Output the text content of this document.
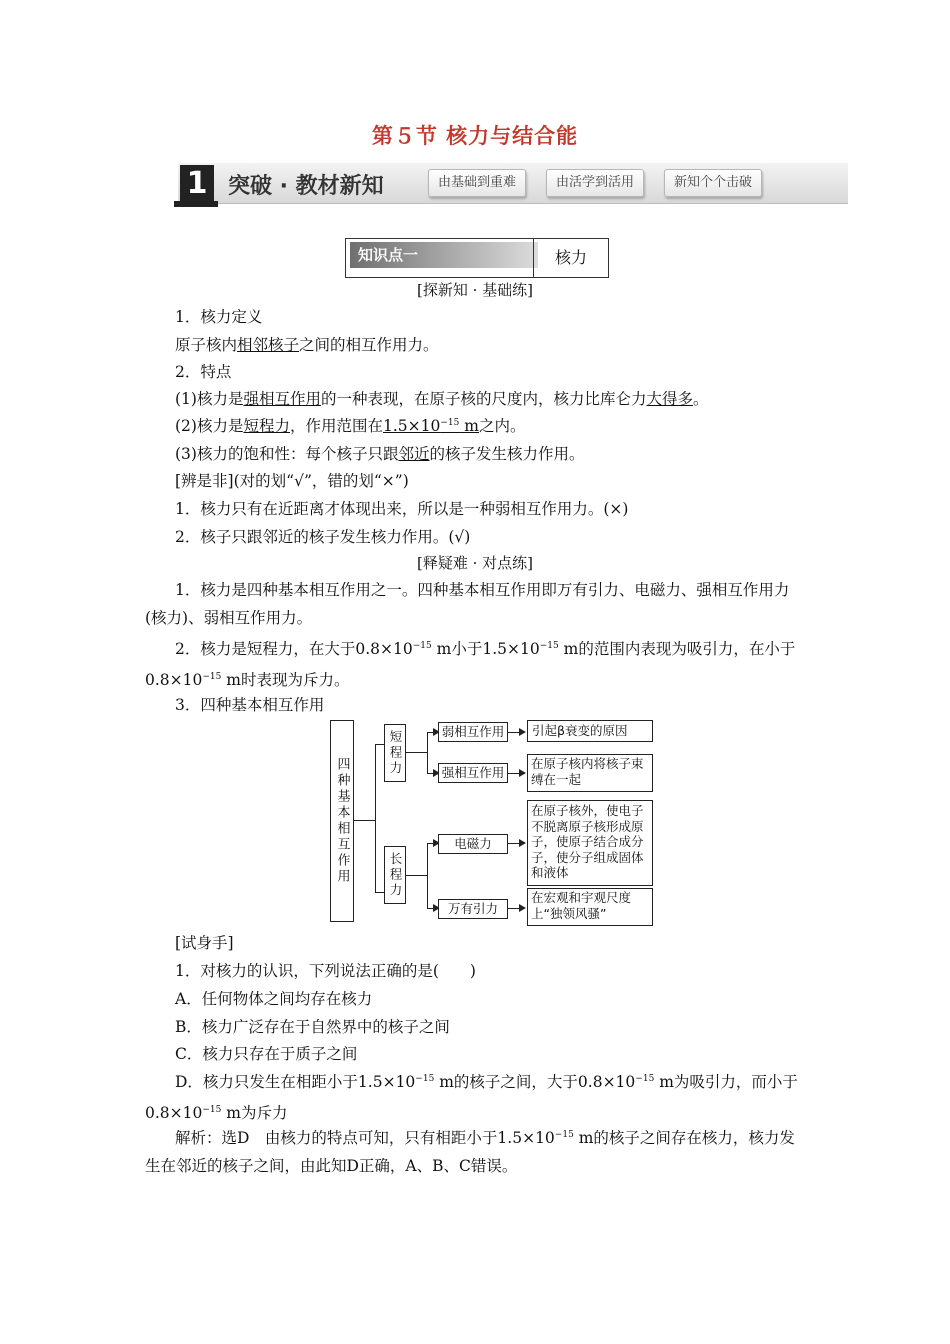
第５节 核力与结合能
1 突破 · 教材新知	由基础到重难	由活学到活用	新知个个击破
知识点一	核力
[探新知 · 基础练]
1．核力定义
原子核内相邻核子之间的相互作用力。
2．特点
(1)核力是强相互作用的一种表现，在原子核的尺度内，核力比库仑力大得多。
(2)核力是短程力，作用范围在$1.5\times 10^{-15}$ m之内。
(3)核力的饱和性：每个核子只跟邻近的核子发生核力作用。
[辨是非](对的划“√”，错的划“×”)
1．核力只有在近距离才体现出来，所以是一种弱相互作用力。(×)
2．核子只跟邻近的核子发生核力作用。(√)
[释疑难 · 对点练]
1．核力是四种基本相互作用之一。四种基本相互作用即万有引力、电磁力、强相互作用力(核力)、弱相互作用力。
2．核力是短程力，在大于$0.8\times 10^{-15}$ m小于$1.5\times 10^{-15}$ m的范围内表现为吸引力，在小于$0.8\times 10^{-15}$ m时表现为斥力。
3．四种基本相互作用
四种基本相互作用
短程力
长程力
弱相互作用
强相互作用
电磁力
万有引力
引起β衰变的原因
在原子核内将核子束缚在一起
在原子核外，使电子不脱离原子核形成原子，使原子结合成分子，使分子组成固体和液体
在宏观和宇观尺度上“独领风骚”
[试身手]
1．对核力的认识，下列说法正确的是(　　)
A．任何物体之间均存在核力
B．核力广泛存在于自然界中的核子之间
C．核力只存在于质子之间
D．核力只发生在相距小于$1.5\times 10^{-15}$ m的核子之间，大于$0.8\times 10^{-15}$ m为吸引力，而小于$0.8\times 10^{-15}$ m为斥力
解析：选D　由核力的特点可知，只有相距小于$1.5\times 10^{-15}$ m的核子之间存在核力，核力发生在邻近的核子之间，由此知D正确，A、B、C错误。
